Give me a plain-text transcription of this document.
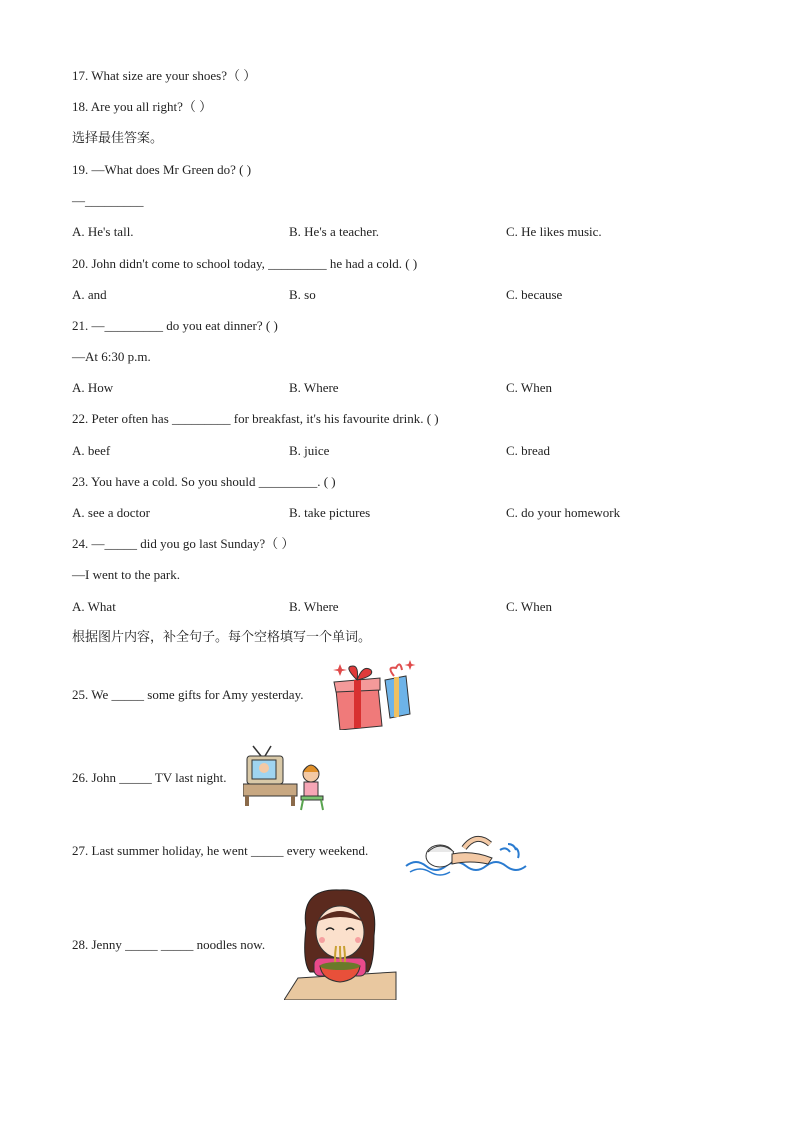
17. What size are your shoes?（ ）
18. Are you all right?（ ）
选择最佳答案。
19. —What does Mr Green do? ( )
—_________
A. He's tall.	B. He's a teacher.	C. He likes music.
20. John didn't come to school today, _________ he had a cold. ( )
A. and	B. so	C. because
21. —_________ do you eat dinner? ( )
—At 6:30 p.m.
A. How	B. Where	C. When
22. Peter often has _________ for breakfast, it's his favourite drink. ( )
A. beef	B. juice	C. bread
23. You have a cold. So you should _________. ( )
A. see a doctor	B. take pictures	C. do your homework
24. —_____ did you go last Sunday?（ ）
—I went to the park.
A. What	B. Where	C. When
根据图片内容，补全句子。每个空格填写一个单词。
25. We _____ some gifts for Amy yesterday.
26. John _____ TV last night.
27. Last summer holiday, he went _____ every weekend.
28. Jenny _____ _____ noodles now.
